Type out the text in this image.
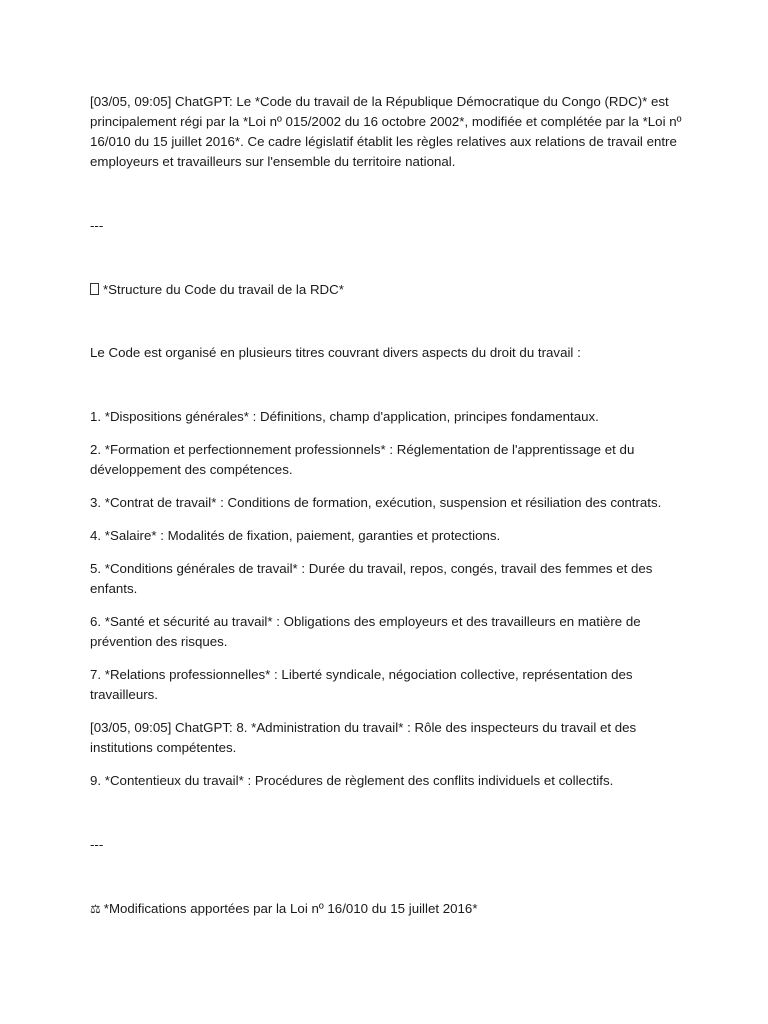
[03/05, 09:05] ChatGPT: Le *Code du travail de la République Démocratique du Congo (RDC)* est principalement régi par la *Loi nº 015/2002 du 16 octobre 2002*, modifiée et complétée par la *Loi nº 16/010 du 15 juillet 2016*. Ce cadre législatif établit les règles relatives aux relations de travail entre employeurs et travailleurs sur l'ensemble du territoire national.

---

*Structure du Code du travail de la RDC*

Le Code est organisé en plusieurs titres couvrant divers aspects du droit du travail :

1. *Dispositions générales* : Définitions, champ d'application, principes fondamentaux.

2. *Formation et perfectionnement professionnels* : Réglementation de l'apprentissage et du développement des compétences.

3. *Contrat de travail* : Conditions de formation, exécution, suspension et résiliation des contrats.

4. *Salaire* : Modalités de fixation, paiement, garanties et protections.

5. *Conditions générales de travail* : Durée du travail, repos, congés, travail des femmes et des enfants.

6. *Santé et sécurité au travail* : Obligations des employeurs et des travailleurs en matière de prévention des risques.

7. *Relations professionnelles* : Liberté syndicale, négociation collective, représentation des travailleurs.

[03/05, 09:05] ChatGPT: 8. *Administration du travail* : Rôle des inspecteurs du travail et des institutions compétentes.

9. *Contentieux du travail* : Procédures de règlement des conflits individuels et collectifs.

---

⚖ *Modifications apportées par la Loi nº 16/010 du 15 juillet 2016*
